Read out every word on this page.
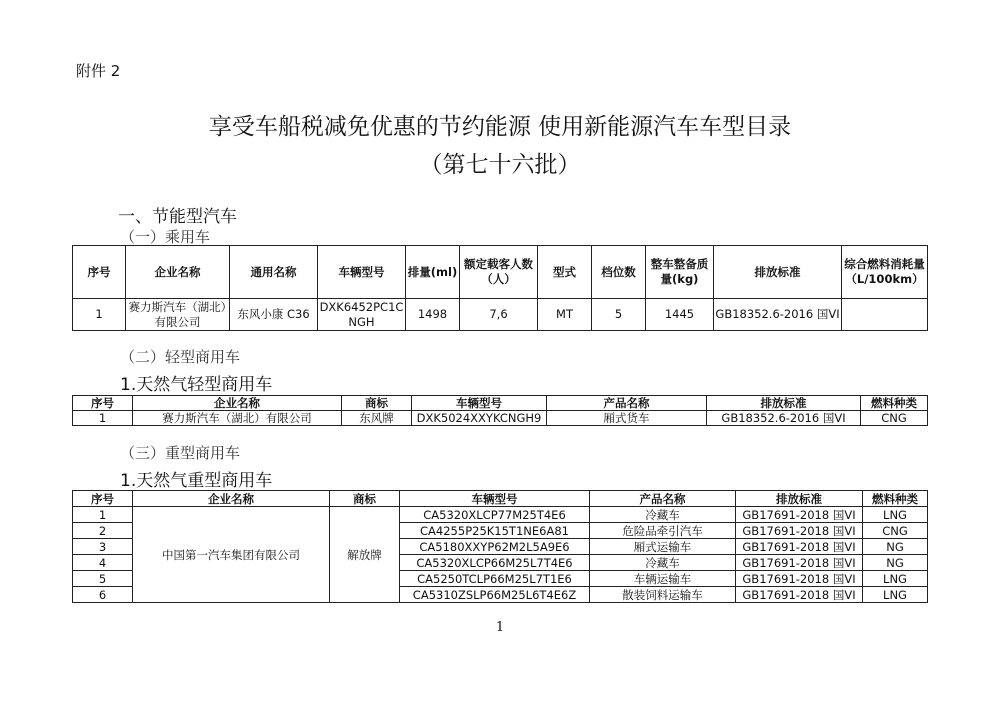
附件 2
享受车船税减免优惠的节约能源 使用新能源汽车车型目录
（第七十六批）
一、节能型汽车
（一）乘用车
序号	企业名称	通用名称	车辆型号	排量(ml)	额定载客人数（人）	型式	档位数	整车整备质量(kg)	排放标准	综合燃料消耗量（L/100km）
1	赛力斯汽车（湖北）有限公司	东风小康 C36	DXK6452PC1CNGH	1498	7,6	MT	5	1445	GB18352.6-2016 国VI	
（二）轻型商用车
1.天然气轻型商用车
序号	企业名称	商标	车辆型号	产品名称	排放标准	燃料种类
1	赛力斯汽车（湖北）有限公司	东风牌	DXK5024XXYKCNGH9	厢式货车	GB18352.6-2016 国VI	CNG
（三）重型商用车
1.天然气重型商用车
序号	企业名称	商标	车辆型号	产品名称	排放标准	燃料种类
1	中国第一汽车集团有限公司	解放牌	CA5320XLCP77M25T4E6	冷藏车	GB17691-2018 国VI	LNG
2			CA4255P25K15T1NE6A81	危险品牵引汽车	GB17691-2018 国VI	CNG
3			CA5180XXYP62M2L5A9E6	厢式运输车	GB17691-2018 国VI	NG
4			CA5320XLCP66M25L7T4E6	冷藏车	GB17691-2018 国VI	NG
5			CA5250TCLP66M25L7T1E6	车辆运输车	GB17691-2018 国VI	LNG
6			CA5310ZSLP66M25L6T4E6Z	散装饲料运输车	GB17691-2018 国VI	LNG
1
